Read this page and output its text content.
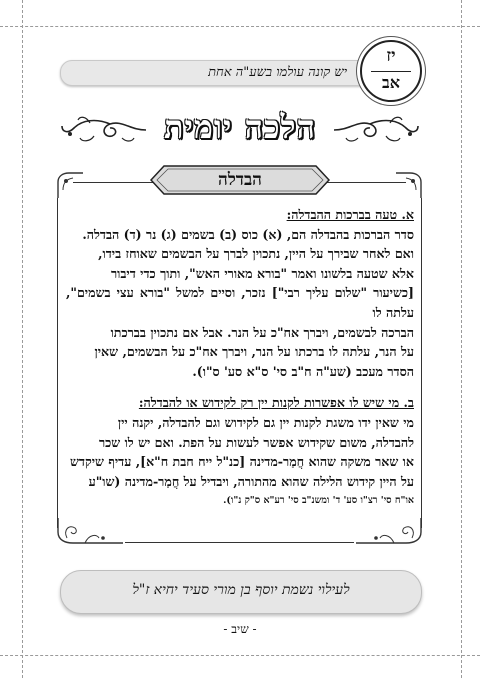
יש קונה עולמו בשע"ה אחת
יז
אב
הלכה יומית
הבדלה
א. טעה בברכות ההבדלה:
סדר הברכות בהבדלה הם, (א) כוס (ב) בשמים (ג) נר (ד) הבדלה.
ואם לאחר שבירך על היין, נתכוין לברך על הבשמים שאוחז בידו,
אלא שטעה בלשונו ואמר "בורא מאורי האש", ותוך כדי דיבור
[כשיעור "שלום עליך רבי"] נזכר, וסיים למשל "בורא עצי בשמים", עלתה לו
הברכה לבשמים, ויברך אח"כ על הנר. אבל אם נתכוין בברכתו
על הנר, עלתה לו ברכתו על הנר, ויברך אח"כ על הבשמים, שאין
הסדר מעכב (שע"ה ח"ב סי' ס"א סע' ס"ו).
ב. מי שיש לו אפשרות לקנות יין רק לקידוש או להבדלה:
מי שאין ידו משגת לקנות יין גם לקידוש וגם להבדלה, יקנה יין
להבדלה, משום שקידוש אפשר לעשות על הפת. ואם יש לו שכר
או שאר משקה שהוא חֲמַר-מדינה [כנ"ל ייח חבת ח"א], עדיף שיקדש
על היין קידוש הלילה שהוא מהתורה, ויבדיל על חֲמַר-מדינה (שו"ע
או"ח סי' רצ"ו סע' ד' ומשנ"ב סי' רע"א ס"ק נ"ו).
לעילוי נשמת יוסף בן מורי סעיד יחיא ז"ל
- שיב -
